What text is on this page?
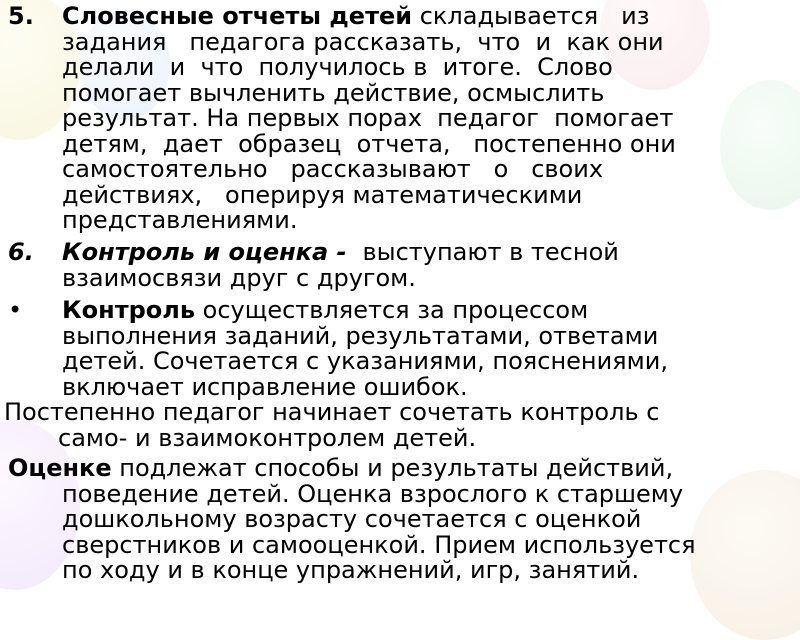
5.	Словесные отчеты детей складывается   из
задания   педагога рассказать,  что  и  как они
делали  и  что  получилось в  итоге.  Слово
помогает вычленить действие, осмыслить
результат. На первых порах  педагог  помогает
детям,  дает  образец  отчета,   постепенно они
самостоятельно   рассказывают   о   своих
действиях,   оперируя математическими
представлениями.
6.	Контроль и оценка -  выступают в тесной
взаимосвязи друг с другом.
•	Контроль осуществляется за процессом
выполнения заданий, результатами, ответами
детей. Сочетается с указаниями, пояснениями,
включает исправление ошибок.
Постепенно педагог начинает сочетать контроль с
само- и взаимоконтролем детей.
Оценке подлежат способы и результаты действий,
поведение детей. Оценка взрослого к старшему
дошкольному возрасту сочетается с оценкой
сверстников и самооценкой. Прием используется
по ходу и в конце упражнений, игр, занятий.
